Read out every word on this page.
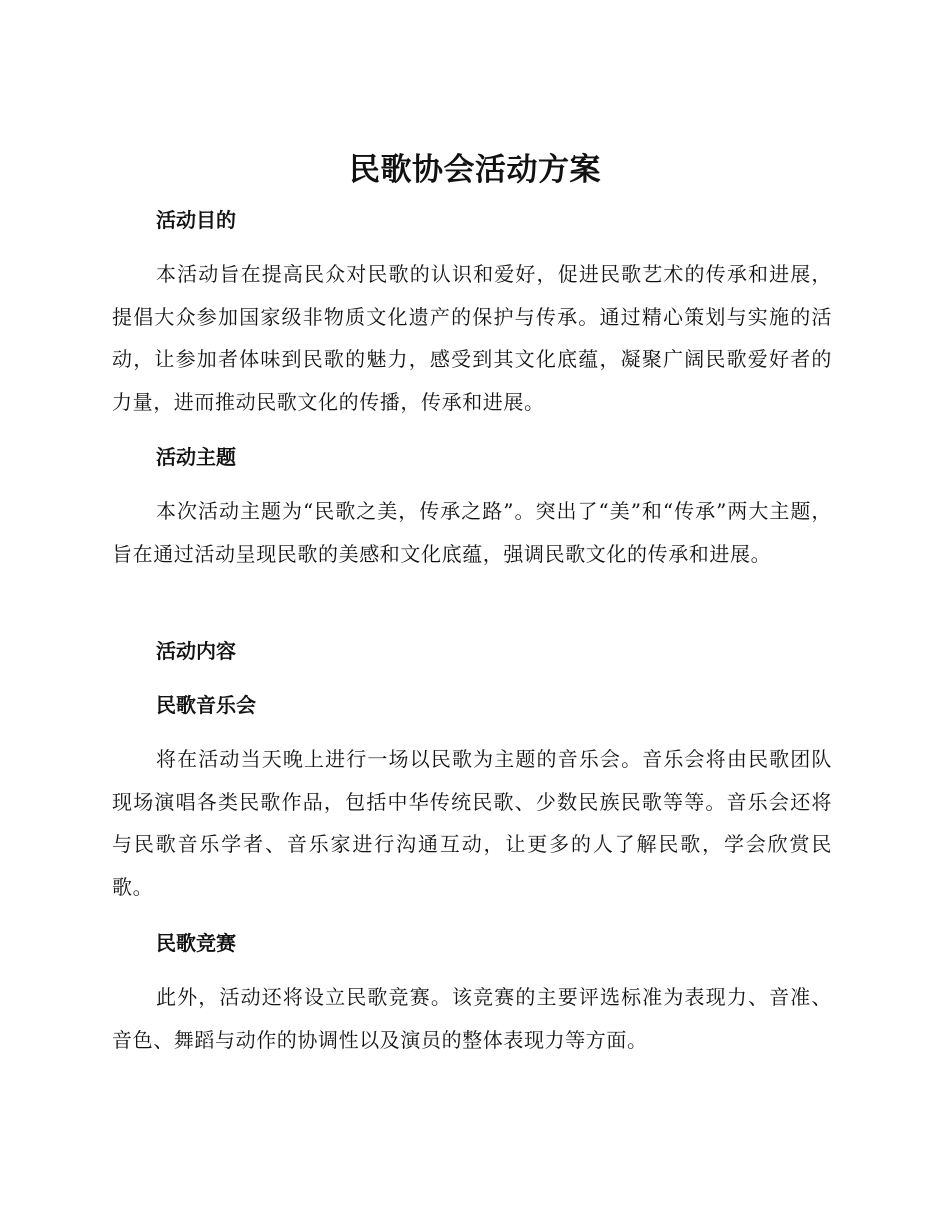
民歌协会活动方案
活动目的

本活动旨在提高民众对民歌的认识和爱好，促进民歌艺术的传承和进展，提倡大众参加国家级非物质文化遗产的保护与传承。通过精心策划与实施的活动，让参加者体味到民歌的魅力，感受到其文化底蕴，凝聚广阔民歌爱好者的力量，进而推动民歌文化的传播，传承和进展。

活动主题

本次活动主题为“民歌之美，传承之路”。突出了“美”和“传承”两大主题，旨在通过活动呈现民歌的美感和文化底蕴，强调民歌文化的传承和进展。

活动内容
民歌音乐会

将在活动当天晚上进行一场以民歌为主题的音乐会。音乐会将由民歌团队现场演唱各类民歌作品，包括中华传统民歌、少数民族民歌等等。音乐会还将与民歌音乐学者、音乐家进行沟通互动，让更多的人了解民歌，学会欣赏民歌。

民歌竞赛

此外，活动还将设立民歌竞赛。该竞赛的主要评选标准为表现力、音准、音色、舞蹈与动作的协调性以及演员的整体表现力等方面。
